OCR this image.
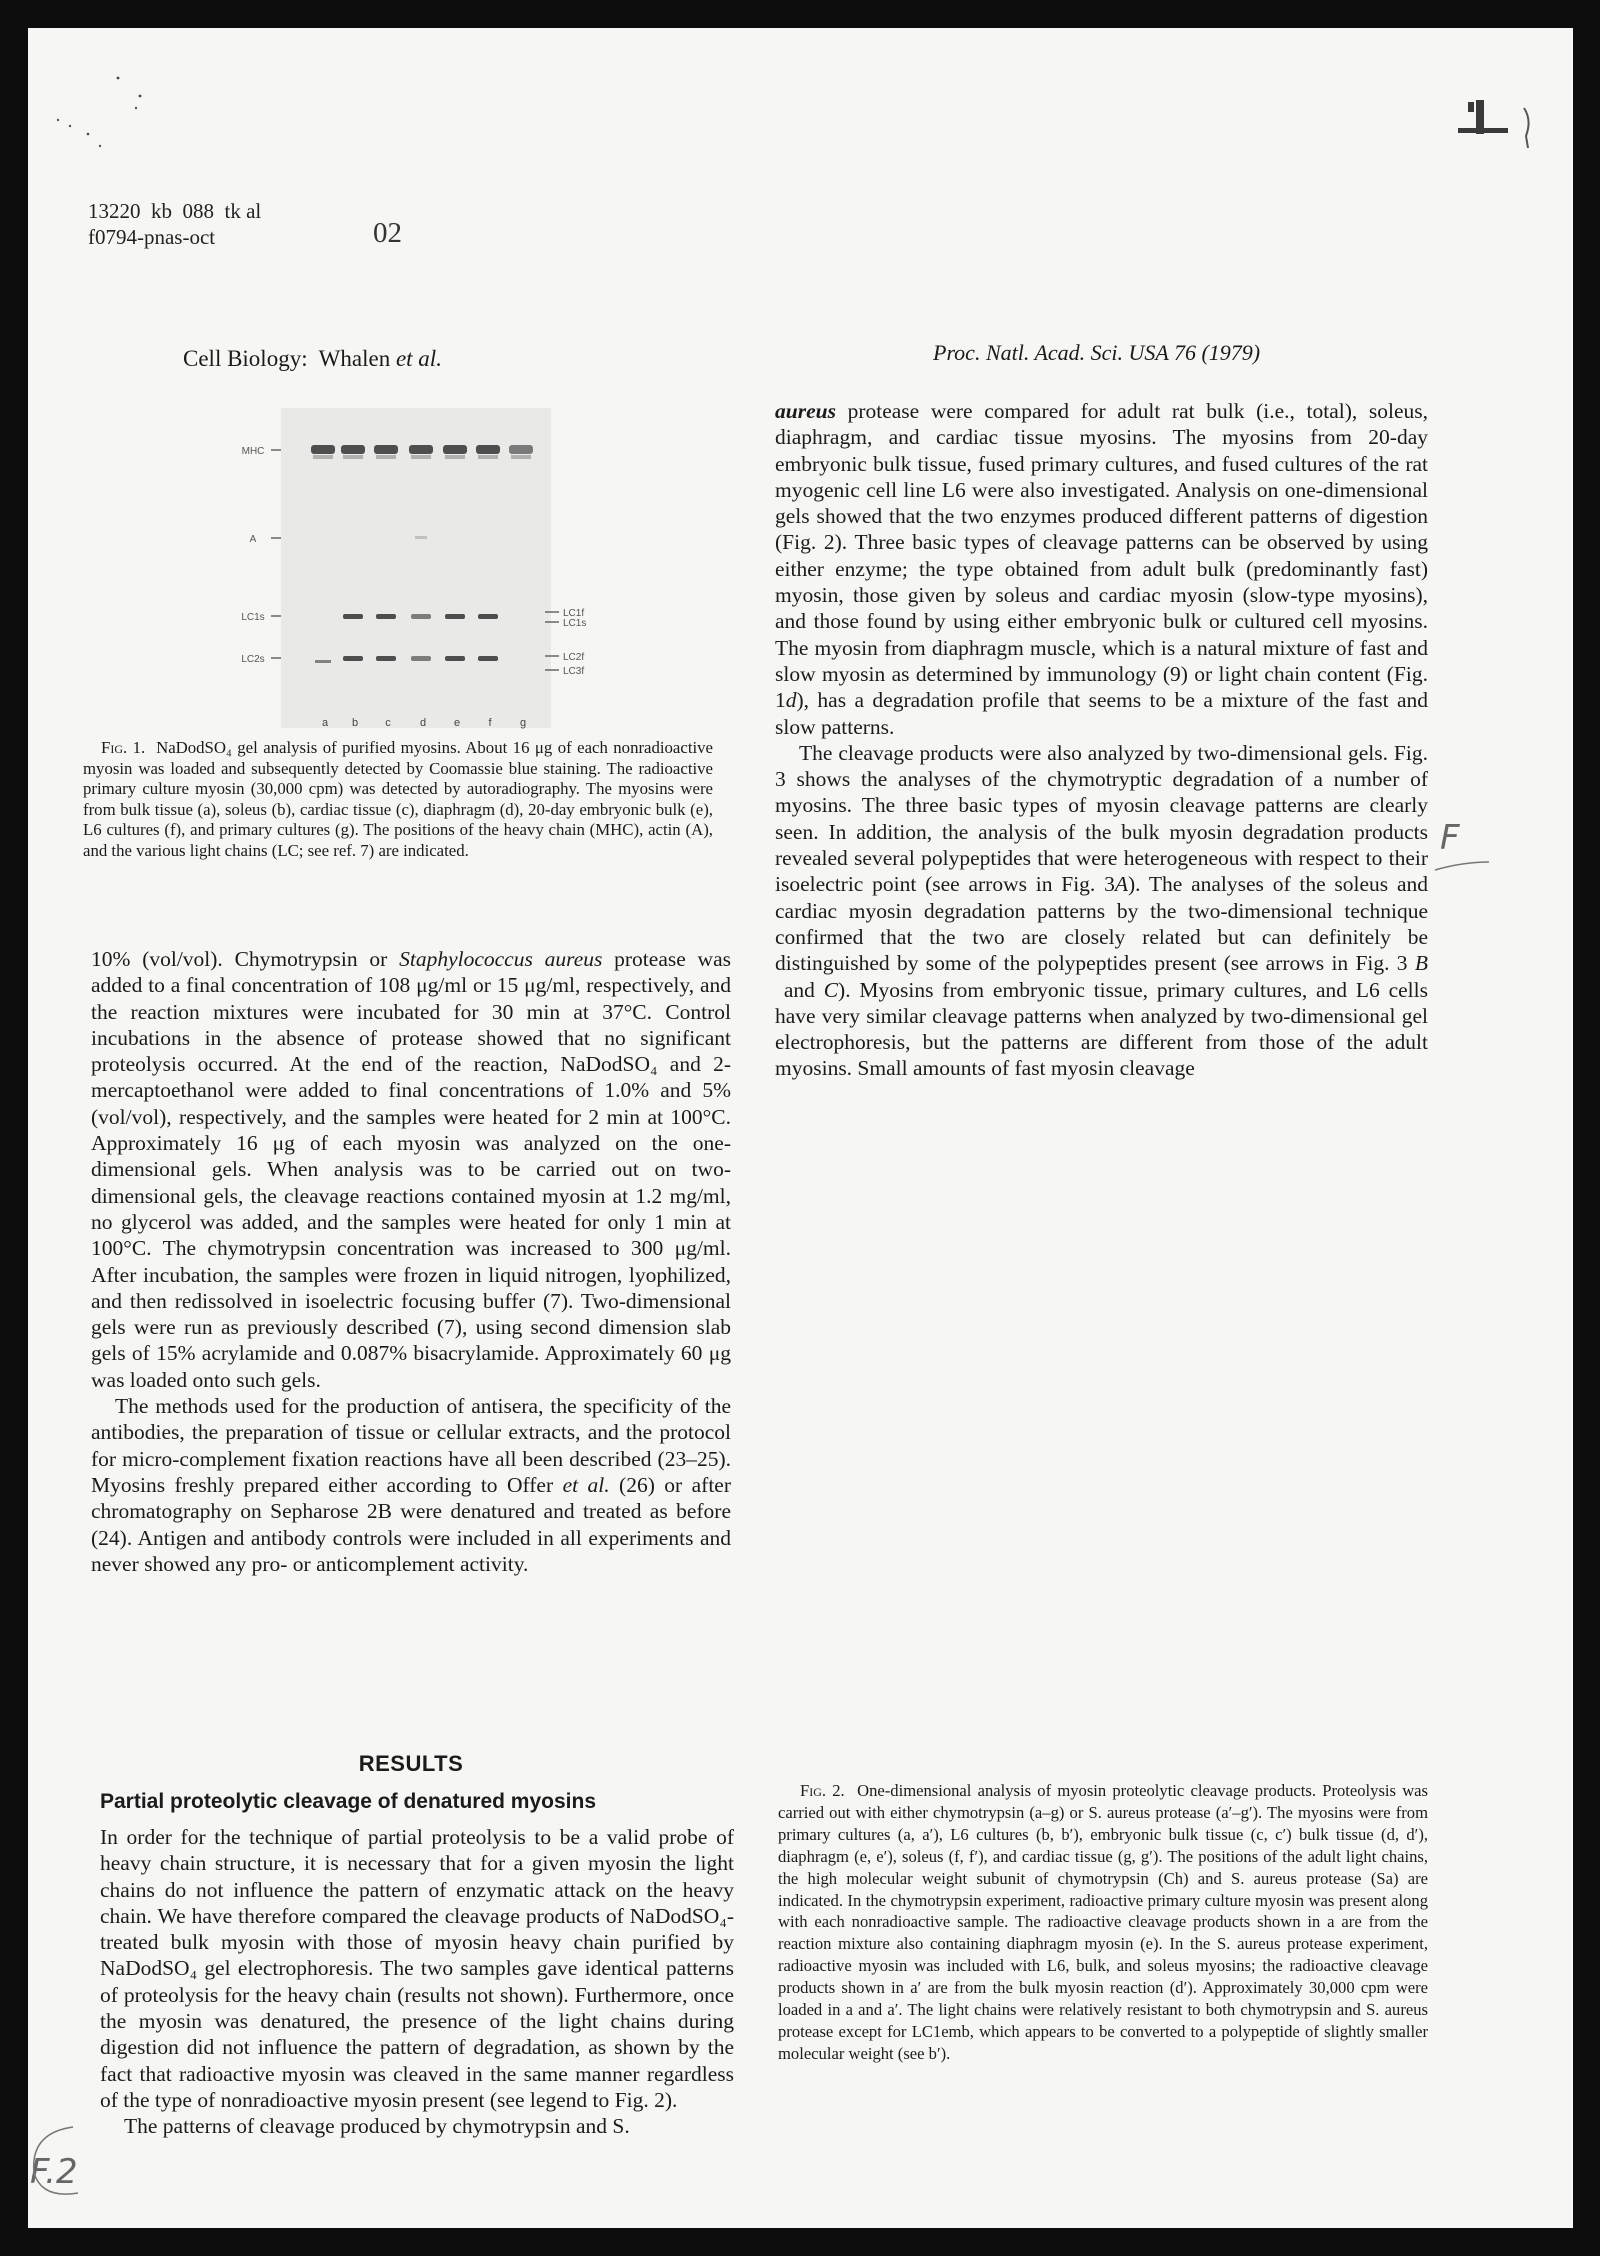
13220  kb  088  tk al
f0794-pnas-oct	02
Cell Biology:  Whalen et al.	Proc. Natl. Acad. Sci. USA 76 (1979)
a b c	d	e	f	g
MHC
A
LC1s
LC2s
LC1f
LC1s
LC2f
LC3f
Fig. 1. NaDodSO₄ gel analysis of purified myosins. About 16 μg of each nonradioactive myosin was loaded and subsequently detected by Coomassie blue staining. The radioactive primary culture myosin (30,000 cpm) was detected by autoradiography. The myosins were from bulk tissue (a), soleus (b), cardiac tissue (c), diaphragm (d), 20-day embryonic bulk (e), L6 cultures (f), and primary cultures (g). The positions of the heavy chain (MHC), actin (A), and the various light chains (LC; see ref. 7) are indicated.

10% (vol/vol). Chymotrypsin or Staphylococcus aureus protease was added to a final concentration of 108 μg/ml or 15 μg/ml, respectively, and the reaction mixtures were incubated for 30 min at 37°C. Control incubations in the absence of protease showed that no significant proteolysis occurred. At the end of the reaction, NaDodSO₄ and 2-mercaptoethanol were added to final concentrations of 1.0% and 5% (vol/vol), respectively, and the samples were heated for 2 min at 100°C. Approximately 16 μg of each myosin was analyzed on the one-dimensional gels. When analysis was to be carried out on two-dimensional gels, the cleavage reactions contained myosin at 1.2 mg/ml, no glycerol was added, and the samples were heated for only 1 min at 100°C. The chymotrypsin concentration was increased to 300 μg/ml. After incubation, the samples were frozen in liquid nitrogen, lyophilized, and then redissolved in isoelectric focusing buffer (7). Two-dimensional gels were run as previously described (7), using second dimension slab gels of 15% acrylamide and 0.087% bisacrylamide. Approximately 60 μg was loaded onto such gels.

The methods used for the production of antisera, the specificity of the antibodies, the preparation of tissue or cellular extracts, and the protocol for micro-complement fixation reactions have all been described (23–25). Myosins freshly prepared either according to Offer et al. (26) or after chromatography on Sepharose 2B were denatured and treated as before (24). Antigen and antibody controls were included in all experiments and never showed any pro- or anticomplement activity.

RESULTS
Partial proteolytic cleavage of denatured myosins

In order for the technique of partial proteolysis to be a valid probe of heavy chain structure, it is necessary that for a given myosin the light chains do not influence the pattern of enzymatic attack on the heavy chain. We have therefore compared the cleavage products of NaDodSO₄-treated bulk myosin with those of myosin heavy chain purified by NaDodSO₄ gel electrophoresis. The two samples gave identical patterns of proteolysis for the heavy chain (results not shown). Furthermore, once the myosin was denatured, the presence of the light chains during digestion did not influence the pattern of degradation, as shown by the fact that radioactive myosin was cleaved in the same manner regardless of the type of nonradioactive myosin present (see legend to Fig. 2).

The patterns of cleavage produced by chymotrypsin and S.

aureus protease were compared for adult rat bulk (i.e., total), soleus, diaphragm, and cardiac tissue myosins. The myosins from 20-day embryonic bulk tissue, fused primary cultures, and fused cultures of the rat myogenic cell line L6 were also investigated. Analysis on one-dimensional gels showed that the two enzymes produced different patterns of digestion (Fig. 2). Three basic types of cleavage patterns can be observed by using either enzyme; the type obtained from adult bulk (predominantly fast) myosin, those given by soleus and cardiac myosin (slow-type myosins), and those found by using either embryonic bulk or cultured cell myosins. The myosin from diaphragm muscle, which is a natural mixture of fast and slow myosin as determined by immunology (9) or light chain content (Fig. 1d), has a degradation profile that seems to be a mixture of the fast and slow patterns.

The cleavage products were also analyzed by two-dimensional gels. Fig. 3 shows the analyses of the chymotryptic degradation of a number of myosins. The three basic types of myosin cleavage patterns are clearly seen. In addition, the analysis of the bulk myosin degradation products revealed several polypeptides that were heterogeneous with respect to their isoelectric point (see arrows in Fig. 3A). The analyses of the soleus and cardiac myosin degradation patterns by the two-dimensional technique confirmed that the two are closely related but can definitely be distinguished by some of the polypeptides present (see arrows in Fig. 3 B and C). Myosins from embryonic tissue, primary cultures, and L6 cells have very similar cleavage patterns when analyzed by two-dimensional gel electrophoresis, but the patterns are different from those of the adult myosins. Small amounts of fast myosin cleavage

Fig. 2. One-dimensional analysis of myosin proteolytic cleavage products. Proteolysis was carried out with either chymotrypsin (a–g) or S. aureus protease (a′–g′). The myosins were from primary cultures (a, a′), L6 cultures (b, b′), embryonic bulk tissue (c, c′) bulk tissue (d, d′), diaphragm (e, e′), soleus (f, f′), and cardiac tissue (g, g′). The positions of the adult light chains, the high molecular weight subunit of chymotrypsin (Ch) and S. aureus protease (Sa) are indicated. In the chymotrypsin experiment, radioactive primary culture myosin was present along with each nonradioactive sample. The radioactive cleavage products shown in a are from the reaction mixture also containing diaphragm myosin (e). In the S. aureus protease experiment, radioactive myosin was included with L6, bulk, and soleus myosins; the radioactive cleavage products shown in a′ are from the bulk myosin reaction (d′). Approximately 30,000 cpm were loaded in a and a′. The light chains were relatively resistant to both chymotrypsin and S. aureus protease except for LC1emb, which appears to be converted to a polypeptide of slightly smaller molecular weight (see b′).
F
F.2
